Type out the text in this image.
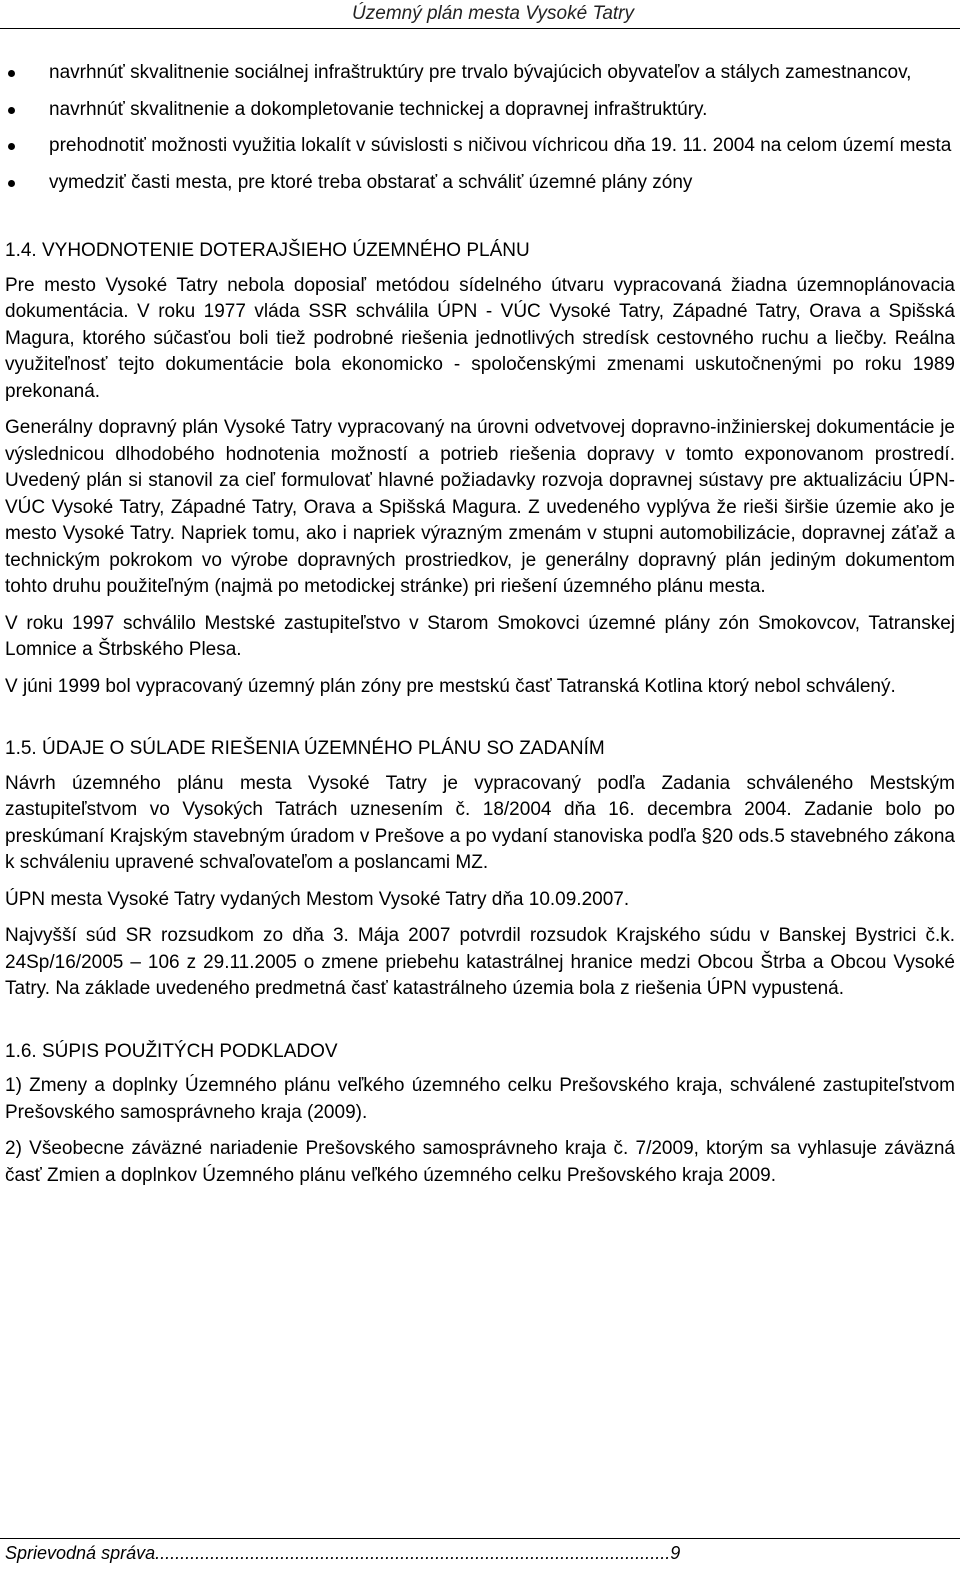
Územný plán mesta Vysoké Tatry
navrhnúť skvalitnenie sociálnej infraštruktúry pre trvalo bývajúcich obyvateľov a stálych zamestnancov,
navrhnúť skvalitnenie a dokompletovanie technickej a dopravnej infraštruktúry.
prehodnotiť možnosti využitia lokalít v súvislosti s ničivou víchricou dňa 19. 11. 2004 na celom území mesta
vymedziť časti mesta, pre ktoré treba obstarať a schváliť územné plány zóny
1.4. VYHODNOTENIE DOTERAJŠIEHO ÚZEMNÉHO PLÁNU

Pre mesto Vysoké Tatry nebola doposiaľ metódou sídelného útvaru vypracovaná žiadna územnoplánovacia dokumentácia. V roku 1977 vláda SSR schválila ÚPN - VÚC Vysoké Tatry, Západné Tatry, Orava a Spišská Magura, ktorého súčasťou boli tiež podrobné riešenia jednotlivých stredísk cestovného ruchu a liečby. Reálna využiteľnosť tejto dokumentácie bola ekonomicko - spoločenskými zmenami uskutočnenými po roku 1989 prekonaná.

Generálny dopravný plán Vysoké Tatry vypracovaný na úrovni odvetvovej dopravno-inžinierskej dokumentácie je výslednicou dlhodobého hodnotenia možností a potrieb riešenia dopravy v tomto exponovanom prostredí. Uvedený plán si stanovil za cieľ formulovať hlavné požiadavky rozvoja dopravnej sústavy pre aktualizáciu ÚPN-VÚC Vysoké Tatry, Západné Tatry, Orava a Spišská Magura. Z uvedeného vyplýva že rieši širšie územie ako je mesto Vysoké Tatry. Napriek tomu, ako i napriek výrazným zmenám v stupni automobilizácie, dopravnej záťaž a technickým pokrokom vo výrobe dopravných prostriedkov, je generálny dopravný plán jediným dokumentom tohto druhu použiteľným (najmä po metodickej stránke) pri riešení územného plánu mesta.

V roku 1997 schválilo Mestské zastupiteľstvo v Starom Smokovci územné plány zón Smokovcov, Tatranskej Lomnice a Štrbského Plesa.

V júni 1999 bol vypracovaný územný plán zóny pre mestskú časť Tatranská Kotlina ktorý nebol schválený.

1.5. ÚDAJE O SÚLADE RIEŠENIA ÚZEMNÉHO PLÁNU SO ZADANÍM

Návrh územného plánu mesta Vysoké Tatry je vypracovaný podľa Zadania schváleného Mestským zastupiteľstvom vo Vysokých Tatrách uznesením č. 18/2004 dňa 16. decembra 2004. Zadanie bolo po preskúmaní Krajským stavebným úradom v Prešove a po vydaní stanoviska podľa §20 ods.5 stavebného zákona k schváleniu upravené schvaľovateľom a poslancami MZ.

ÚPN mesta Vysoké Tatry vydaných Mestom Vysoké Tatry dňa 10.09.2007.

Najvyšší súd SR rozsudkom zo dňa 3. Mája 2007 potvrdil rozsudok Krajského súdu v Banskej Bystrici č.k. 24Sp/16/2005 – 106 z 29.11.2005 o zmene priebehu katastrálnej hranice medzi Obcou Štrba a Obcou Vysoké Tatry. Na základe uvedeného predmetná časť katastrálneho územia bola z riešenia ÚPN vypustená.

1.6. SÚPIS POUŽITÝCH PODKLADOV

1) Zmeny a doplnky Územného plánu veľkého územného celku Prešovského kraja, schválené zastupiteľstvom Prešovského samosprávneho kraja (2009).

2) Všeobecne záväzné nariadenie Prešovského samosprávneho kraja č. 7/2009, ktorým sa vyhlasuje záväzná časť Zmien a doplnkov Územného plánu veľkého územného celku Prešovského kraja 2009.

Sprievodná správa.......................................................................................................9
